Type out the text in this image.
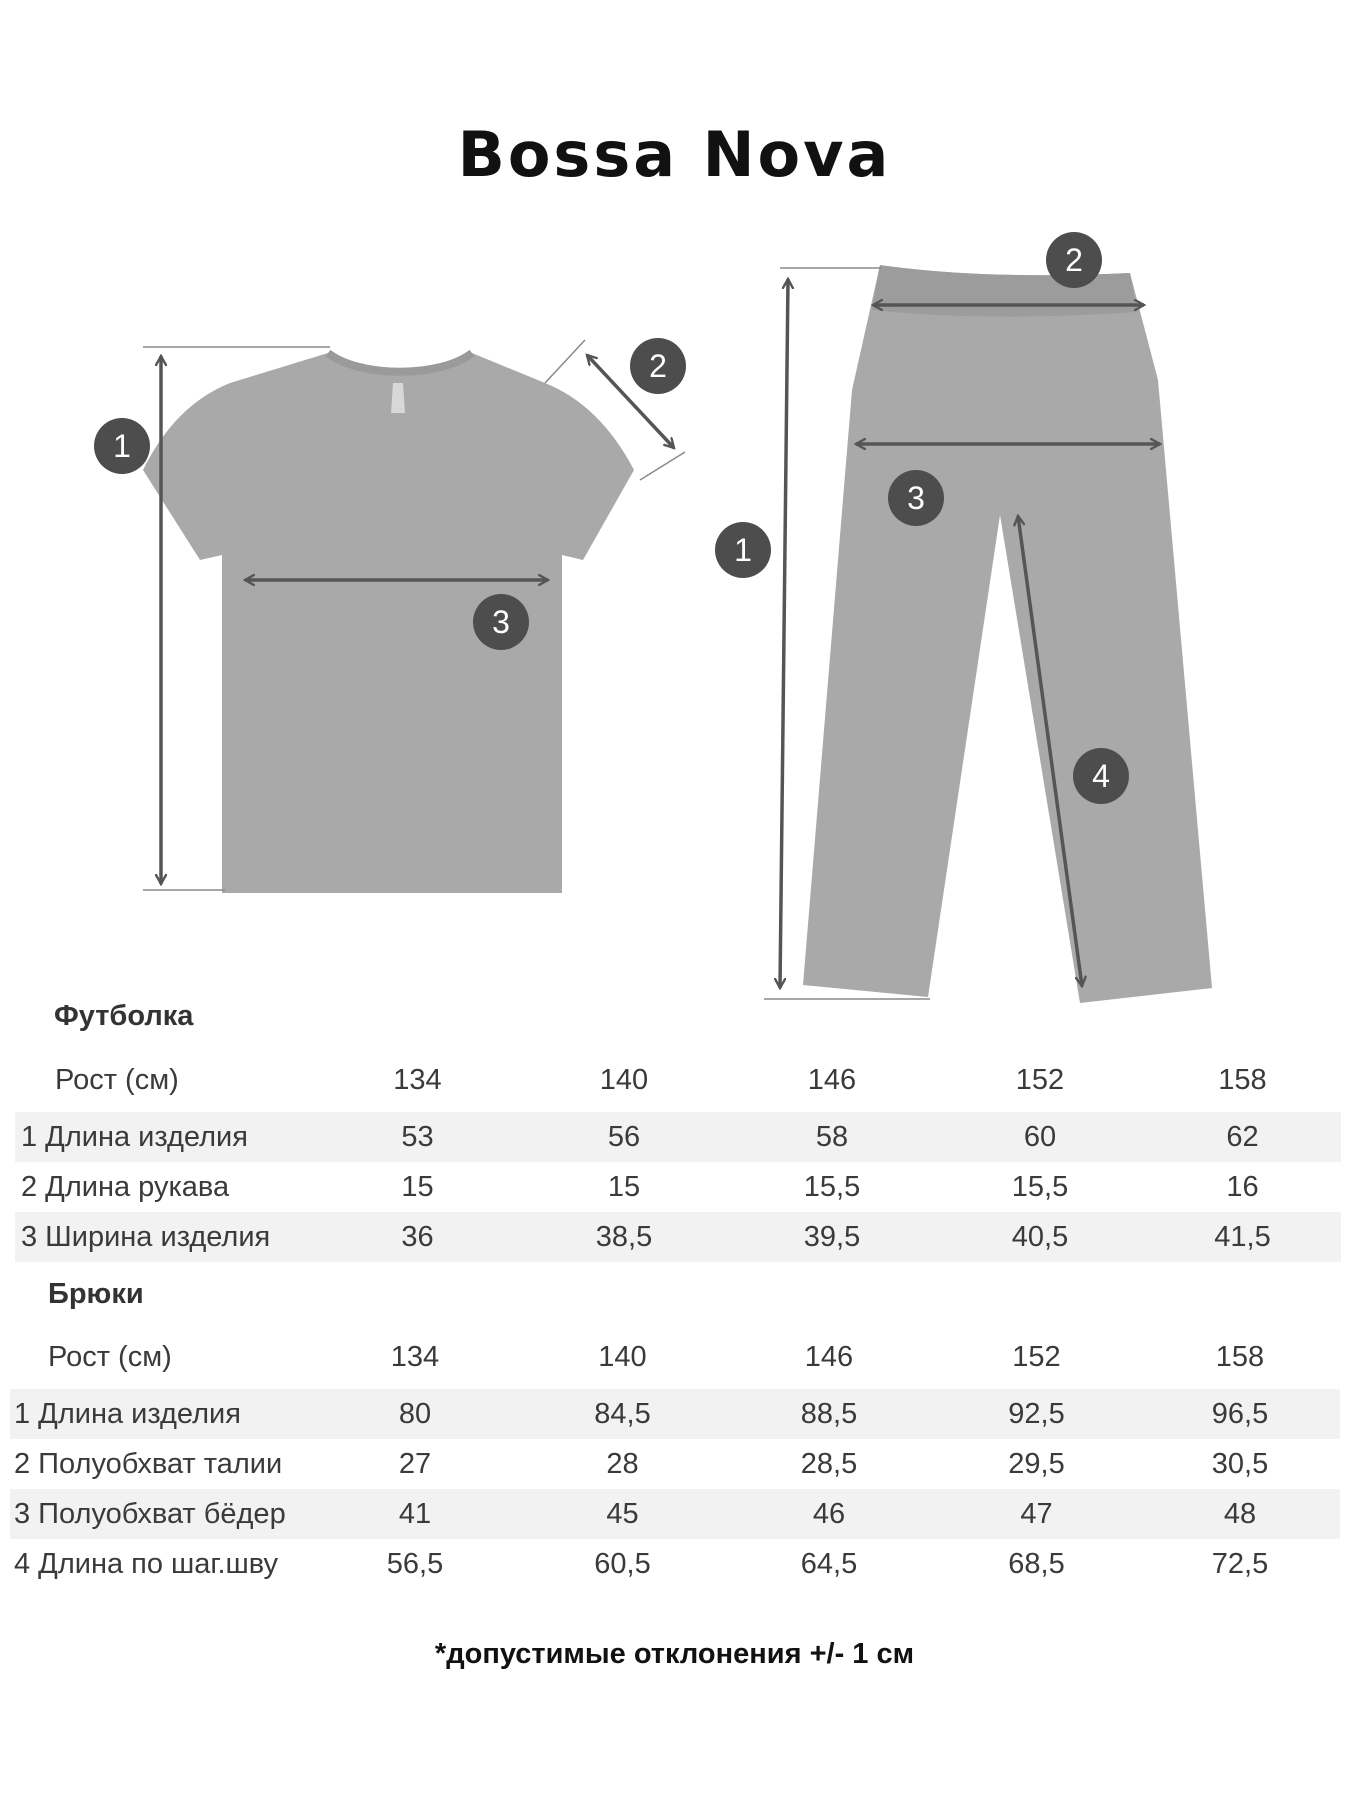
Bossa Nova
1
2
3
1
2
3
4
Футболка
Рост (см)	134	140	146	152	158
1 Длина изделия	53	56	58	60	62
2 Длина рукава	15	15	15,5	15,5	16
3 Ширина изделия	36	38,5	39,5	40,5	41,5
Брюки
Рост (см)	134	140	146	152	158
1 Длина изделия	80	84,5	88,5	92,5	96,5
2 Полуобхват талии	27	28	28,5	29,5	30,5
3 Полуобхват бёдер	41	45	46	47	48
4 Длина по шаг.шву	56,5	60,5	64,5	68,5	72,5
*допустимые отклонения +/- 1 см
